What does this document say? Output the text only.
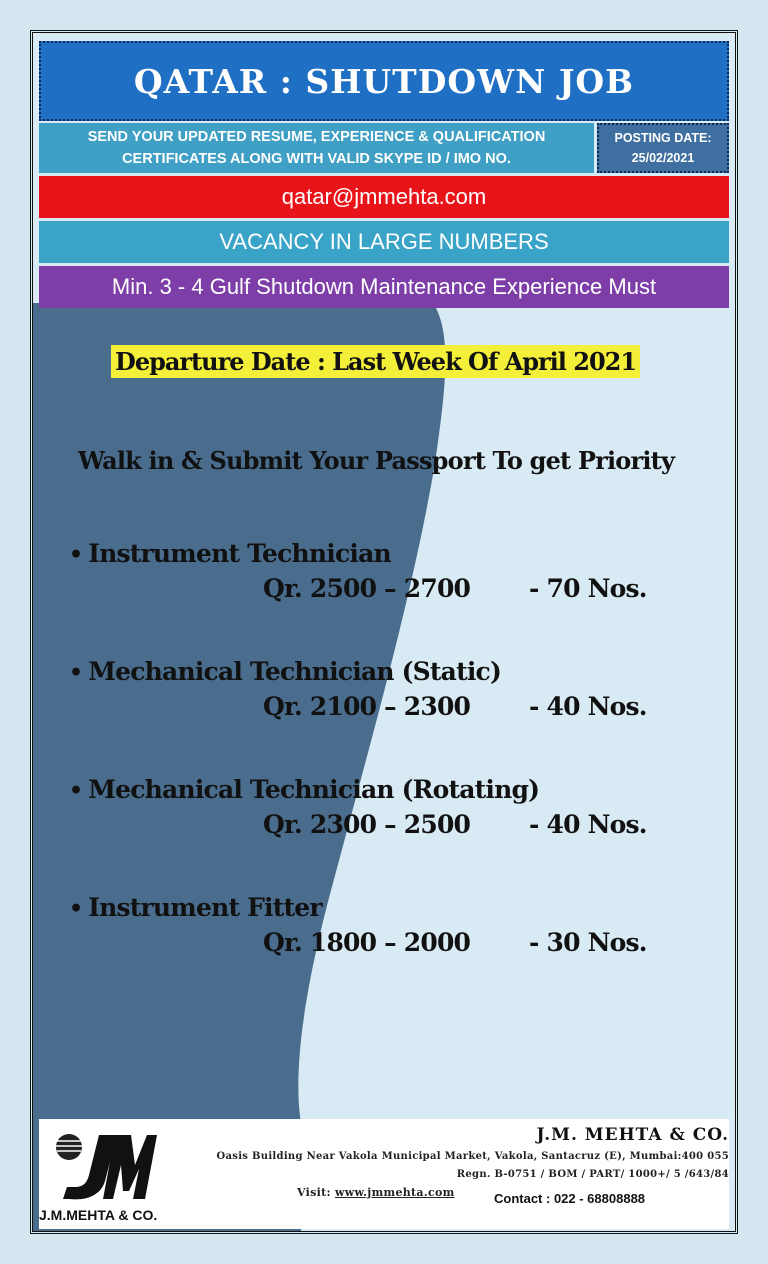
QATAR : SHUTDOWN JOB
SEND YOUR UPDATED RESUME, EXPERIENCE & QUALIFICATION
CERTIFICATES ALONG WITH VALID SKYPE ID / IMO NO.
POSTING DATE:
25/02/2021
qatar@jmmehta.com
VACANCY IN LARGE NUMBERS
Min. 3 - 4 Gulf Shutdown Maintenance Experience Must
Departure Date : Last Week Of April 2021
Walk in & Submit Your Passport To get Priority
• Instrument Technician
Qr. 2500 – 2700 - 70 Nos.
• Mechanical Technician (Static)
Qr. 2100 – 2300 - 40 Nos.
• Mechanical Technician (Rotating)
Qr. 2300 – 2500 - 40 Nos.
• Instrument Fitter
Qr. 1800 – 2000 - 30 Nos.
J.M.MEHTA & CO.
J.M. MEHTA & CO.
Oasis Building Near Vakola Municipal Market, Vakola, Santacruz (E), Mumbai:400 055
Regn. B-0751 / BOM / PART/ 1000+/ 5 /643/84
Visit: www.jmmehta.com	Contact : 022 - 68808888
